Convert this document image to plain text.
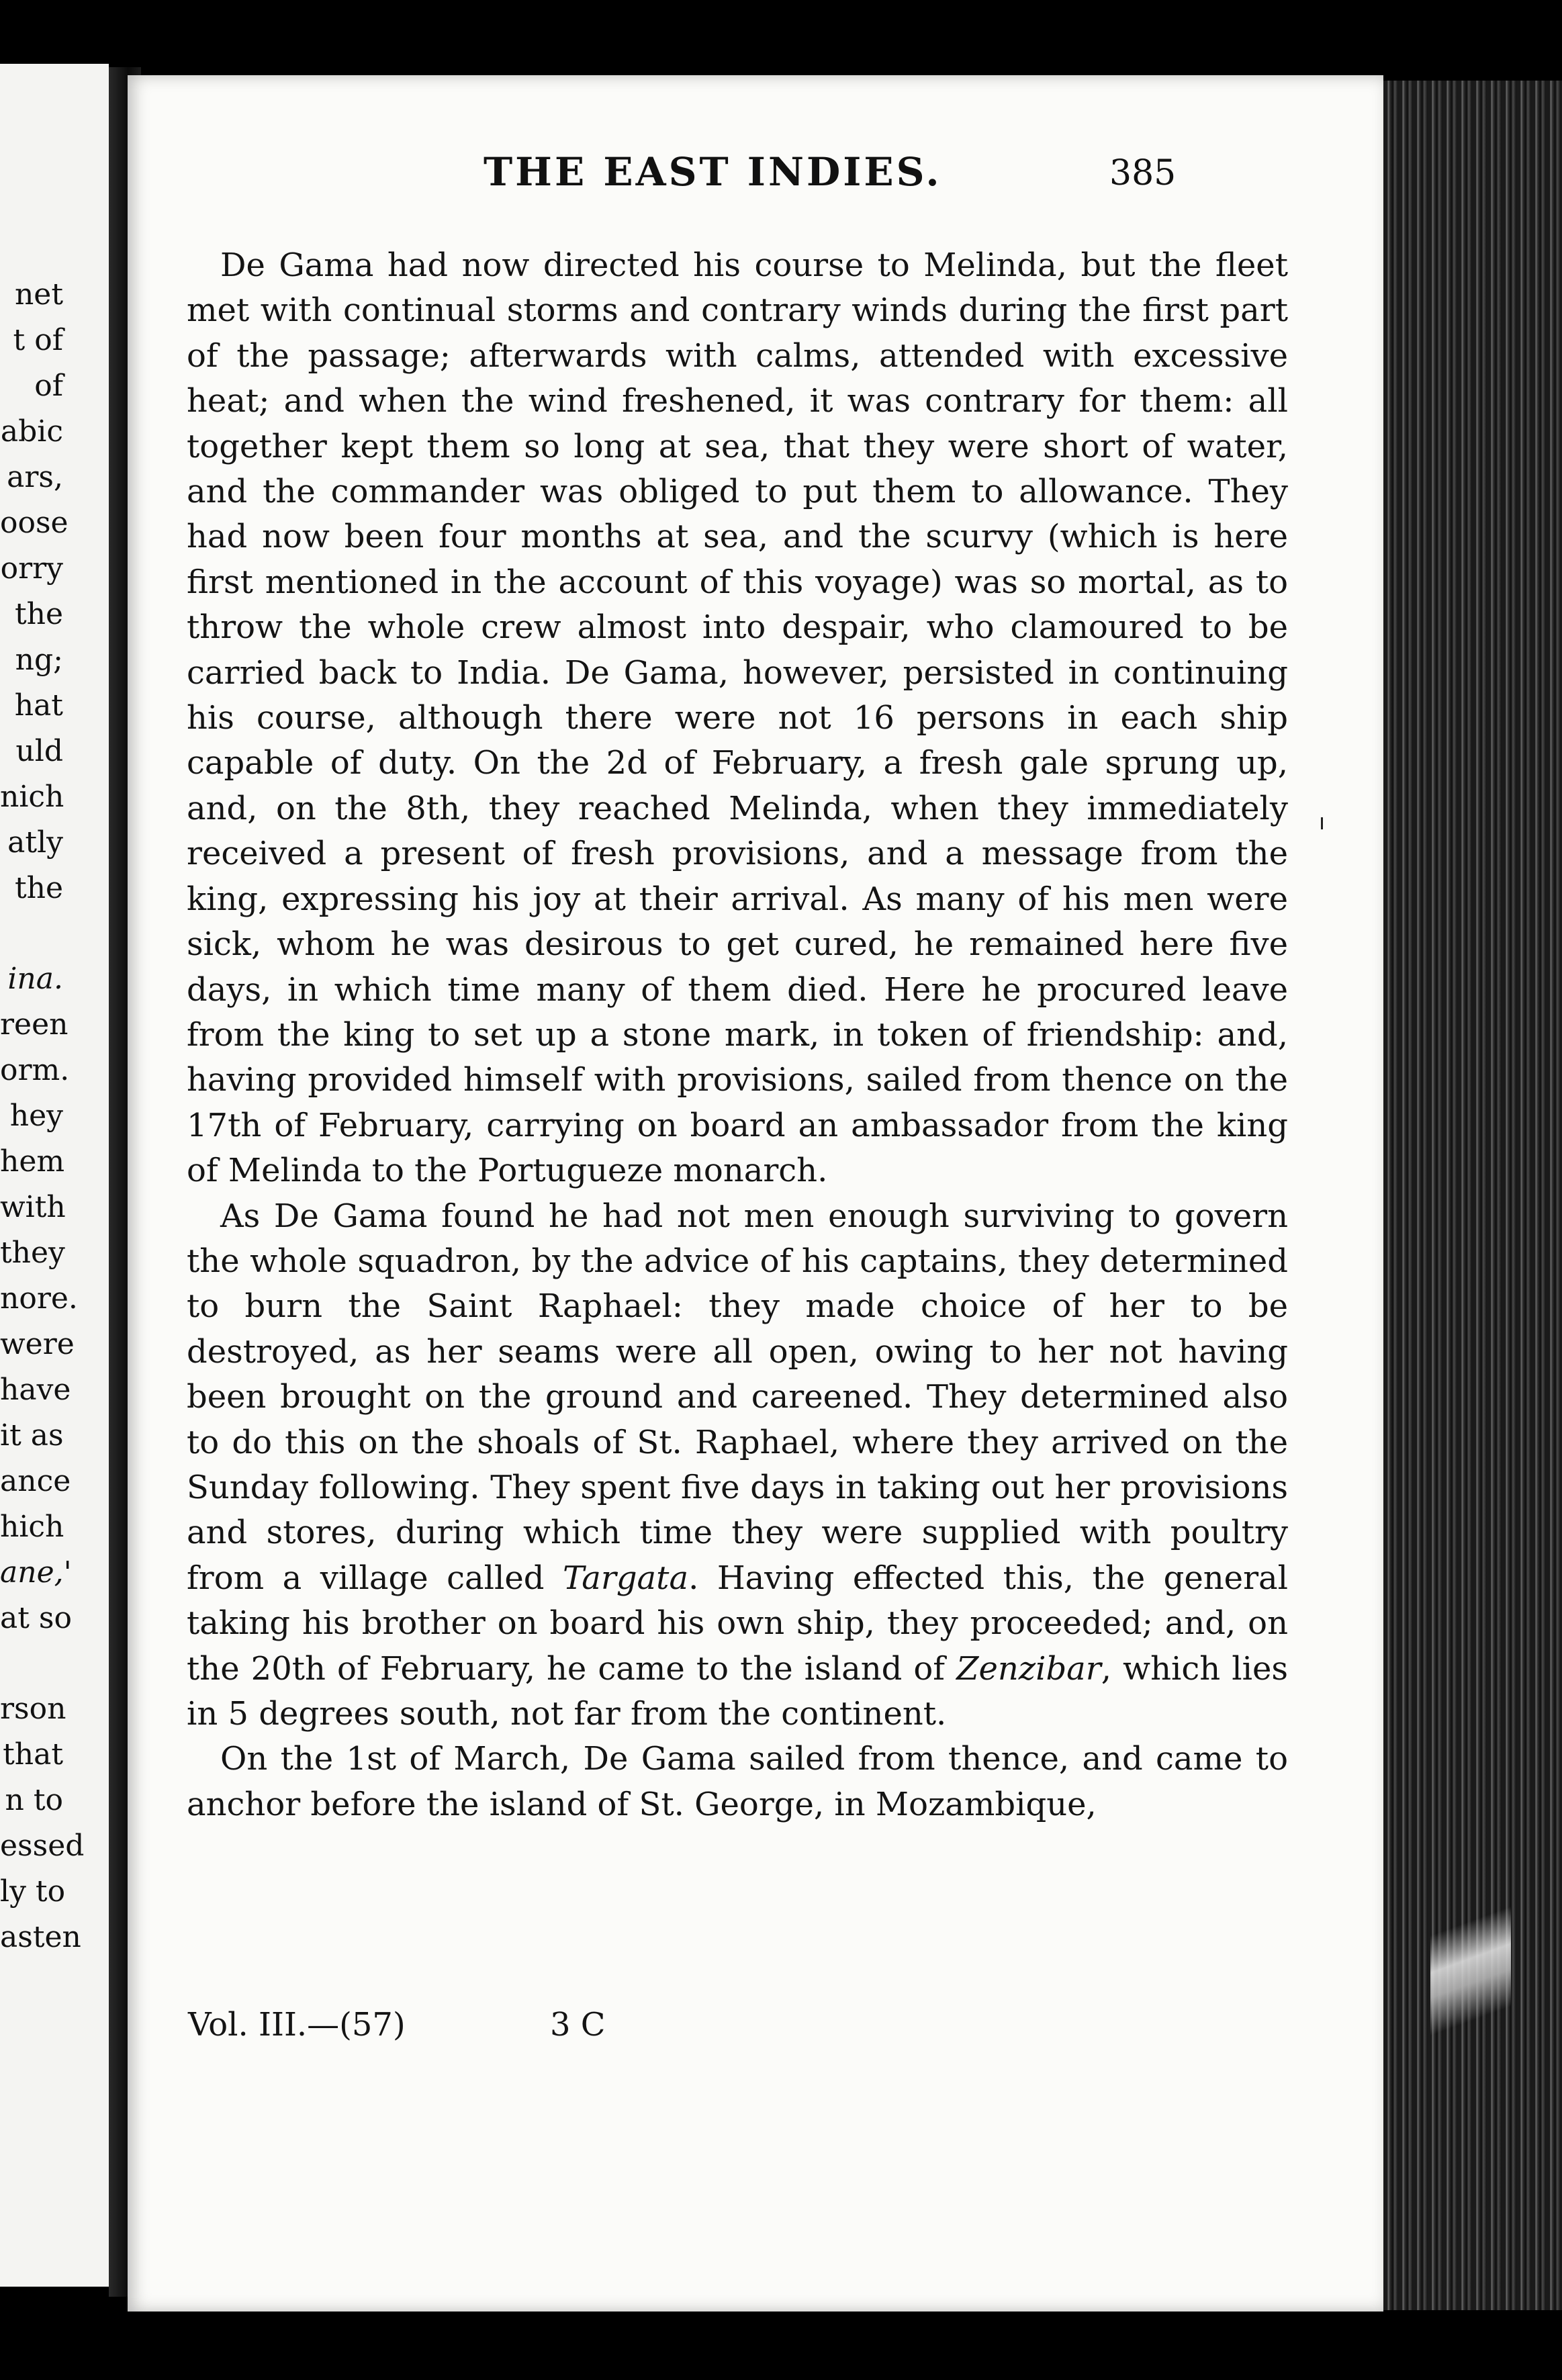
net
t of
of
abic
ars,
oose
orry
the
ng;
hat
uld
nich
atly
the
ina.
reen
orm.
hey
hem
with
they
nore.
were
have
it as
ance
hich
ane,'
at so
rson
that
n to
essed
ly to
asten
THE EAST INDIES.	385

De Gama had now directed his course to Melinda, but the fleet met with continual storms and contrary winds during the first part of the passage; afterwards with calms, attended with excessive heat; and when the wind freshened, it was contrary for them: all together kept them so long at sea, that they were short of water, and the commander was obliged to put them to allowance. They had now been four months at sea, and the scurvy (which is here first mentioned in the account of this voyage) was so mortal, as to throw the whole crew almost into despair, who clamoured to be carried back to India. De Gama, however, persisted in continuing his course, although there were not 16 persons in each ship capable of duty. On the 2d of February, a fresh gale sprung up, and, on the 8th, they reached Melinda, when they immediately received a present of fresh provisions, and a message from the king, expressing his joy at their arrival. As many of his men were sick, whom he was desirous to get cured, he remained here five days, in which time many of them died. Here he procured leave from the king to set up a stone mark, in token of friendship: and, having provided himself with provisions, sailed from thence on the 17th of February, carrying on board an ambassador from the king of Melinda to the Portugueze monarch.

As De Gama found he had not men enough surviving to govern the whole squadron, by the advice of his captains, they determined to burn the Saint Raphael: they made choice of her to be destroyed, as her seams were all open, owing to her not having been brought on the ground and careened. They determined also to do this on the shoals of St. Raphael, where they arrived on the Sunday following. They spent five days in taking out her provisions and stores, during which time they were supplied with poultry from a village called Targata. Having effected this, the general taking his brother on board his own ship, they proceeded; and, on the 20th of February, he came to the island of Zenzibar, which lies in 5 degrees south, not far from the continent.

On the 1st of March, De Gama sailed from thence, and came to anchor before the island of St. George, in Mozambique,

Vol. III.—(57)	3 C
